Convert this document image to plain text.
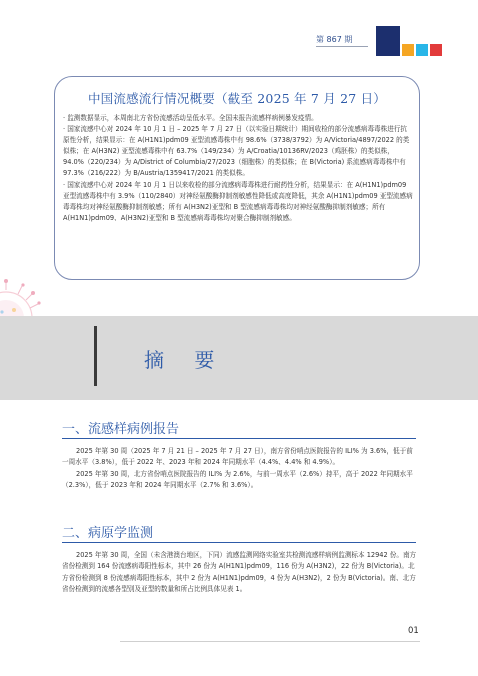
第 867 期
中国流感流行情况概要（截至 2025 年 7 月 27 日）

· 监测数据显示，本周南北方省份流感活动呈低水平。全国未报告流感样病例暴发疫情。

· 国家流感中心对 2024 年 10 月 1 日 – 2025 年 7 月 27 日（以实验日期统计）期间收检的部分流感病毒毒株进行抗原性分析，结果显示：在 A(H1N1)pdm09 亚型流感毒株中有 98.6%（3738/3792）为 A/Victoria/4897/2022 的类似株；在 A(H3N2) 亚型流感毒株中有 63.7%（149/234）为 A/Croatia/10136RV/2023（鸡胚株）的类似株，94.0%（220/234）为 A/District of Columbia/27/2023（细胞株）的类似株；在 B(Victoria) 系流感病毒毒株中有 97.3%（216/222）为 B/Austria/1359417/2021 的类似株。

· 国家流感中心对 2024 年 10 月 1 日以来收检的部分流感病毒毒株进行耐药性分析，结果显示：在 A(H1N1)pdm09 亚型流感毒株中有 3.9%（110/2840）对神经氨酸酶抑制剂敏感性降低或高度降低，其余 A(H1N1)pdm09 亚型流感病毒毒株均对神经氨酸酶抑制剂敏感；所有 A(H3N2)亚型和 B 型流感病毒毒株均对神经氨酸酶抑制剂敏感；所有 A(H1N1)pdm09、A(H3N2)亚型和 B 型流感病毒毒株均对聚合酶抑制剂敏感。

摘 要
一、流感样病例报告

2025 年第 30 周（2025 年 7 月 21 日 – 2025 年 7 月 27 日），南方省份哨点医院报告的 ILI% 为 3.6%，低于前一周水平（3.8%），低于 2022 年、2023 年和 2024 年同期水平（4.4%、4.4% 和 4.9%）。

2025 年第 30 周，北方省份哨点医院报告的 ILI% 为 2.6%，与前一周水平（2.6%）持平，高于 2022 年同期水平（2.3%），低于 2023 年和 2024 年同期水平（2.7% 和 3.6%）。

二、病原学监测

2025 年第 30 周，全国（未含港澳台地区，下同）流感监测网络实验室共检测流感样病例监测标本 12942 份。南方省份检测到 164 份流感病毒阳性标本，其中 26 份为 A(H1N1)pdm09，116 份为 A(H3N2)，22 份为 B(Victoria)。北方省份检测到 8 份流感病毒阳性标本，其中 2 份为 A(H1N1)pdm09，4 份为 A(H3N2)，2 份为 B(Victoria)。南、北方省份检测到的流感各型别及亚型的数量和所占比例具体见表 1。

01
